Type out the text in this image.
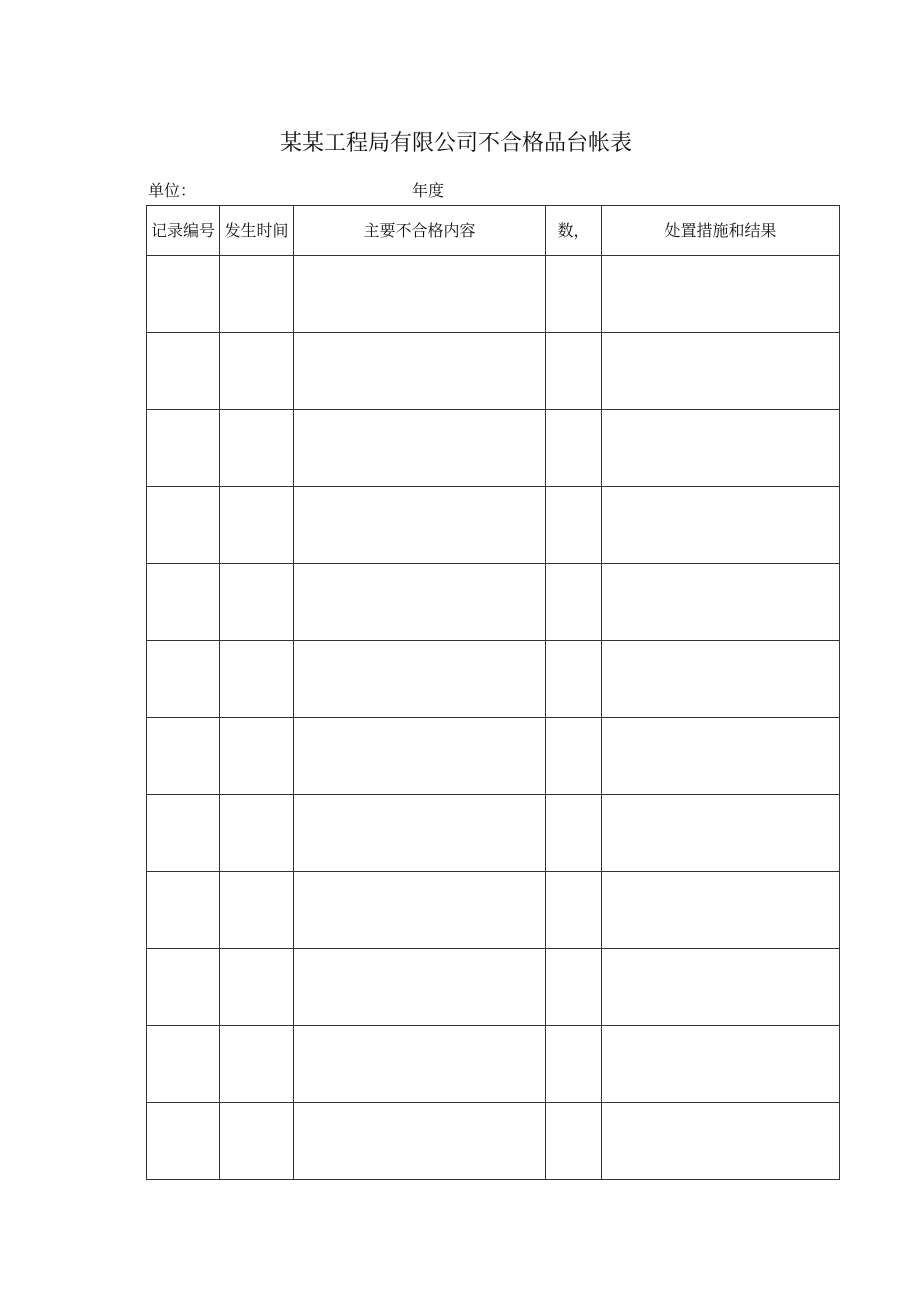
某某工程局有限公司不合格品台帐表
单位：	年度
记录编号	发生时间	主要不合格内容	数，	处置措施和结果
